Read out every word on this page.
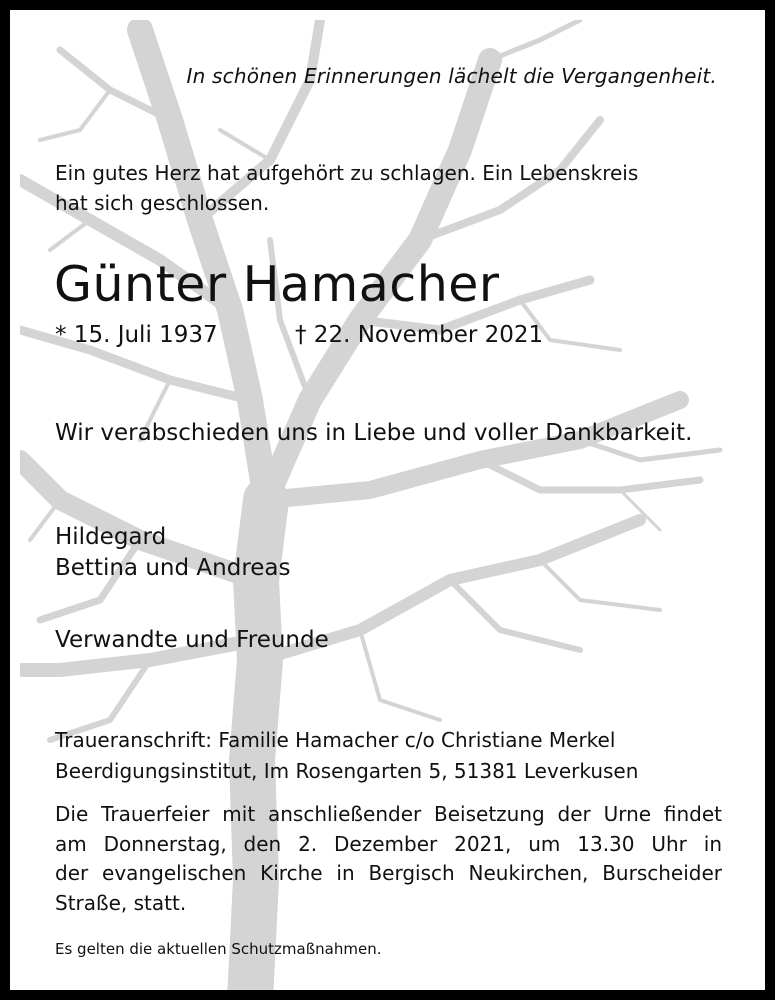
In schönen Erinnerungen lächelt die Vergangenheit.
Ein gutes Herz hat aufgehört zu schlagen. Ein Lebenskreis
hat sich geschlossen.
Günter Hamacher
* 15. Juli 1937	† 22. November 2021
Wir verabschieden uns in Liebe und voller Dankbarkeit.
Hildegard
Bettina und Andreas
Verwandte und Freunde
Traueranschrift: Familie Hamacher c/o Christiane Merkel
Beerdigungsinstitut, Im Rosengarten 5, 51381 Leverkusen
Die Trauerfeier mit anschließender Beisetzung der Urne findet
am Donnerstag, den 2. Dezember 2021, um 13.30 Uhr in
der evangelischen Kirche in Bergisch Neukirchen, Burscheider
Straße, statt.
Es gelten die aktuellen Schutzmaßnahmen.
